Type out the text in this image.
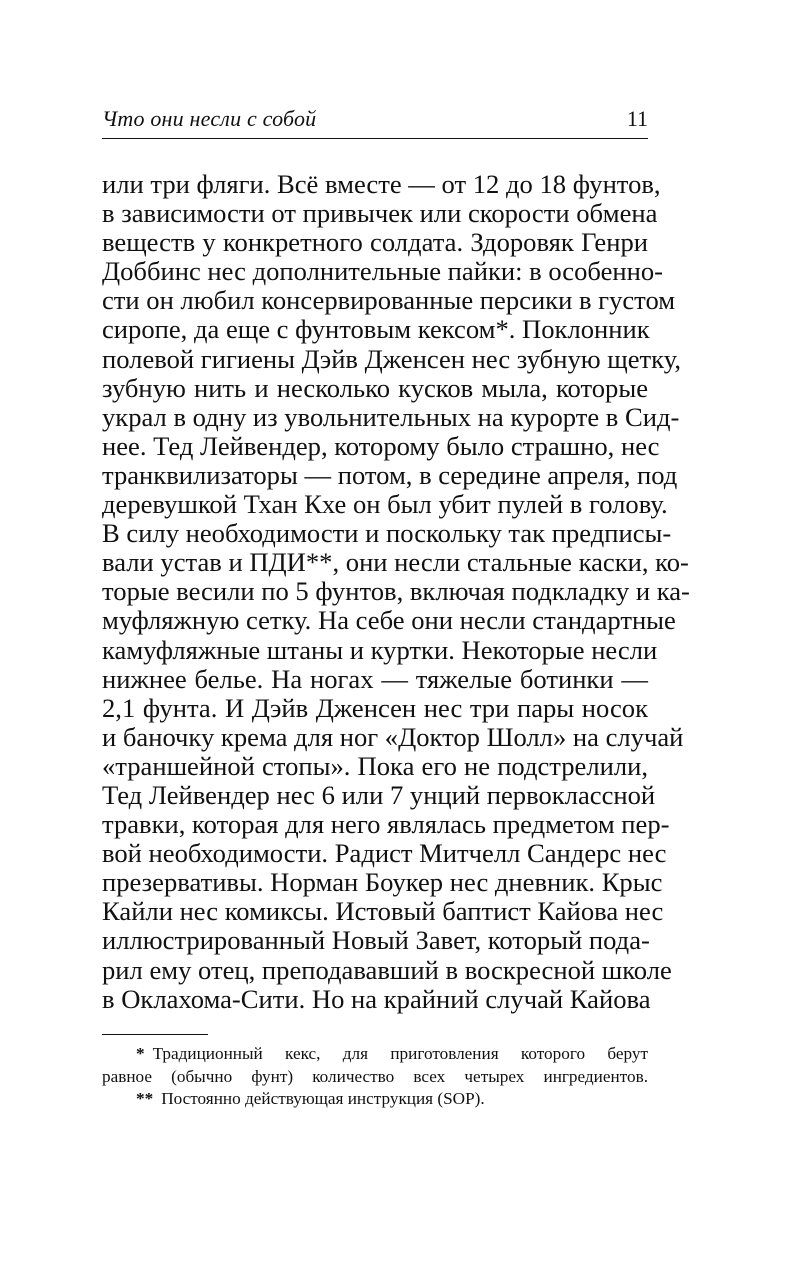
Что они несли с собой	11
или три фляги. Всё вместе — от 12 до 18 фунтов,
в зависимости от привычек или скорости обмена
веществ у конкретного солдата. Здоровяк Генри
Доббинс нес дополнительные пайки: в особенно-
сти он любил консервированные персики в густом
сиропе, да еще с фунтовым кексом*. Поклонник
полевой гигиены Дэйв Дженсен нес зубную щетку,
зубную нить и несколько кусков мыла, которые
украл в одну из увольнительных на курорте в Сид-
нее. Тед Лейвендер, которому было страшно, нес
транквилизаторы — потом, в середине апреля, под
деревушкой Тхан Кхе он был убит пулей в голову.
В силу необходимости и поскольку так предписы-
вали устав и ПДИ**, они несли стальные каски, ко-
торые весили по 5 фунтов, включая подкладку и ка-
муфляжную сетку. На себе они несли стандартные
камуфляжные штаны и куртки. Некоторые несли
нижнее белье. На ногах — тяжелые ботинки —
2,1 фунта. И Дэйв Дженсен нес три пары носок
и баночку крема для ног «Доктор Шолл» на случай
«траншейной стопы». Пока его не подстрелили,
Тед Лейвендер нес 6 или 7 унций первоклассной
травки, которая для него являлась предметом пер-
вой необходимости. Радист Митчелл Сандерс нес
презервативы. Норман Боукер нес дневник. Крыс
Кайли нес комиксы. Истовый баптист Кайова нес
иллюстрированный Новый Завет, который пода-
рил ему отец, преподававший в воскресной школе
в Оклахома-Сити. Но на крайний случай Кайова
* Традиционный кекс, для приготовления которого берут
равное (обычно фунт) количество всех четырех ингредиентов.
** Постоянно действующая инструкция (SOP).
